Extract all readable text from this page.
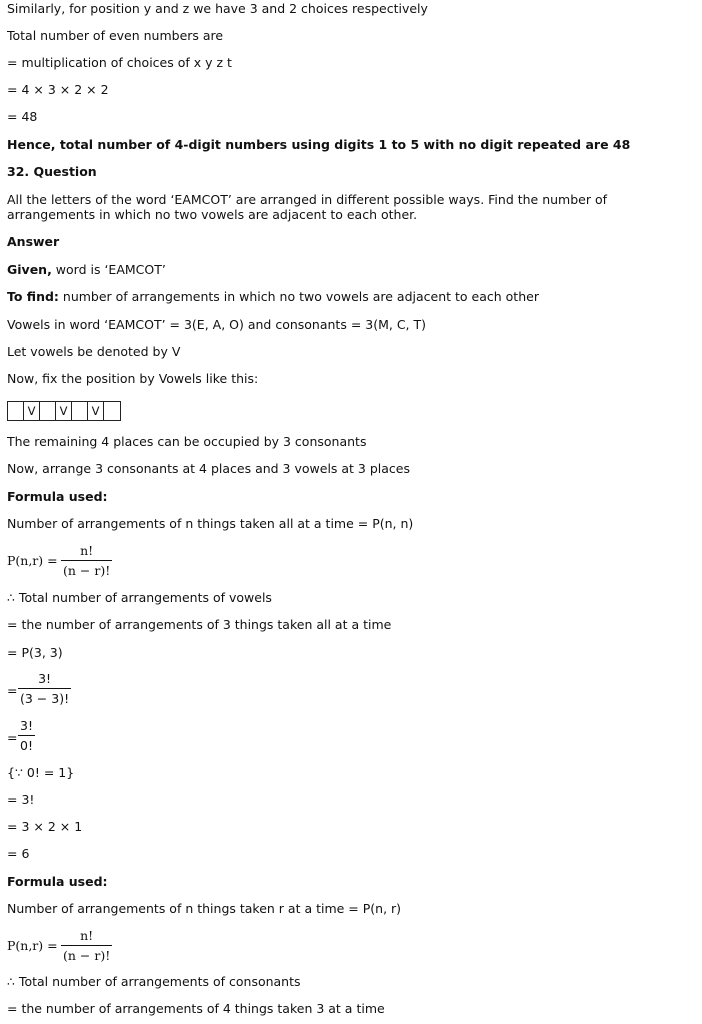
Similarly, for position y and z we have 3 and 2 choices respectively
Total number of even numbers are
= multiplication of choices of x y z t
= 4 × 3 × 2 × 2
= 48
Hence, total number of 4-digit numbers using digits 1 to 5 with no digit repeated are 48
32. Question
All the letters of the word ‘EAMCOT’ are arranged in different possible ways. Find the number of arrangements in which no two vowels are adjacent to each other.
Answer
Given, word is ‘EAMCOT’
To find: number of arrangements in which no two vowels are adjacent to each other
Vowels in word ‘EAMCOT’ = 3(E, A, O) and consonants = 3(M, C, T)
Let vowels be denoted by V
Now, fix the position by Vowels like this:
V	V	V
The remaining 4 places can be occupied by 3 consonants
Now, arrange 3 consonants at 4 places and 3 vowels at 3 places
Formula used:
Number of arrangements of n things taken all at a time = P(n, n)
$P(n,r) = \frac{n!}{(n - r)!}$
∴ Total number of arrangements of vowels
= the number of arrangements of 3 things taken all at a time
= P(3, 3)
= $\frac{3!}{(3 - 3)!}$
= $\frac{3!}{0!}$
{∵ 0! = 1}
= 3!
= 3 × 2 × 1
= 6
Formula used:
Number of arrangements of n things taken r at a time = P(n, r)
$P(n,r) = \frac{n!}{(n - r)!}$
∴ Total number of arrangements of consonants
= the number of arrangements of 4 things taken 3 at a time
